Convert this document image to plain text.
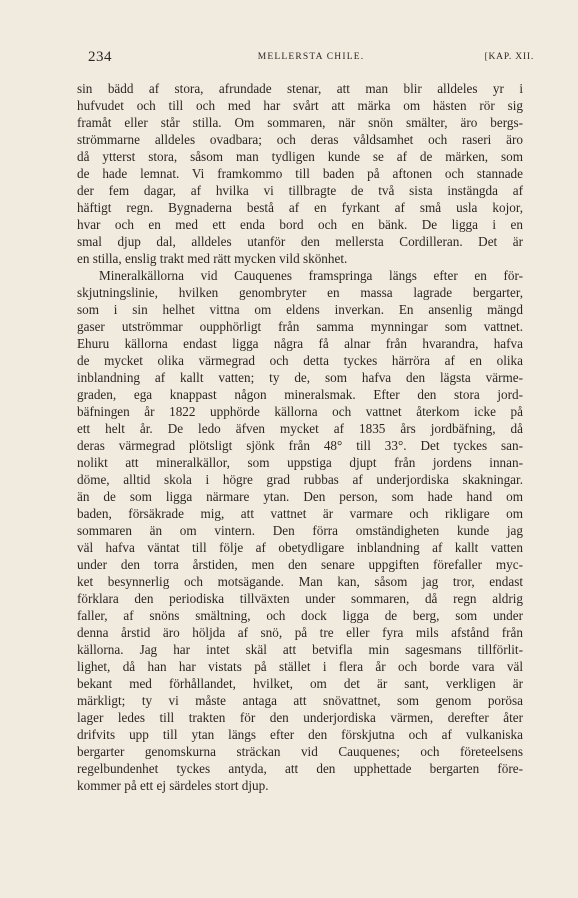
234	MELLERSTA CHILE.	[KAP. XII.

sin bädd af stora, afrundade stenar, att man blir alldeles yr i
hufvudet och till och med har svårt att märka om hästen rör sig
framåt eller står stilla. Om sommaren, när snön smälter, äro bergs-
strömmarne alldeles ovadbara; och deras våldsamhet och raseri äro
då ytterst stora, såsom man tydligen kunde se af de märken, som
de hade lemnat. Vi framkommo till baden på aftonen och stannade
der fem dagar, af hvilka vi tillbragte de två sista instängda af
häftigt regn. Bygnaderna bestå af en fyrkant af små usla kojor,
hvar och en med ett enda bord och en bänk. De ligga i en
smal djup dal, alldeles utanför den mellersta Cordilleran. Det är
en stilla, enslig trakt med rätt mycken vild skönhet.

Mineralkällorna vid Cauquenes framspringa längs efter en för-
skjutningslinie, hvilken genombryter en massa lagrade bergarter,
som i sin helhet vittna om eldens inverkan. En ansenlig mängd
gaser utströmmar oupphörligt från samma mynningar som vattnet.
Ehuru källorna endast ligga några få alnar från hvarandra, hafva
de mycket olika värmegrad och detta tyckes härröra af en olika
inblandning af kallt vatten; ty de, som hafva den lägsta värme-
graden, ega knappast någon mineralsmak. Efter den stora jord-
bäfningen år 1822 upphörde källorna och vattnet återkom icke på
ett helt år. De ledo äfven mycket af 1835 års jordbäfning, då
deras värmegrad plötsligt sjönk från 48° till 33°. Det tyckes san-
nolikt att mineralkällor, som uppstiga djupt från jordens innan-
döme, alltid skola i högre grad rubbas af underjordiska skakningar.
än de som ligga närmare ytan. Den person, som hade hand om
baden, försäkrade mig, att vattnet är varmare och rikligare om
sommaren än om vintern. Den förra omständigheten kunde jag
väl hafva väntat till följe af obetydligare inblandning af kallt vatten
under den torra årstiden, men den senare uppgiften förefaller myc-
ket besynnerlig och motsägande. Man kan, såsom jag tror, endast
förklara den periodiska tillväxten under sommaren, då regn aldrig
faller, af snöns smältning, och dock ligga de berg, som under
denna årstid äro höljda af snö, på tre eller fyra mils afstånd från
källorna. Jag har intet skäl att betvifla min sagesmans tillförlit-
lighet, då han har vistats på stället i flera år och borde vara väl
bekant med förhållandet, hvilket, om det är sant, verkligen är
märkligt; ty vi måste antaga att snövattnet, som genom porösa
lager ledes till trakten för den underjordiska värmen, derefter åter
drifvits upp till ytan längs efter den förskjutna och af vulkaniska
bergarter genomskurna sträckan vid Cauquenes; och företeelsens
regelbundenhet tyckes antyda, att den upphettade bergarten före-
kommer på ett ej särdeles stort djup.
